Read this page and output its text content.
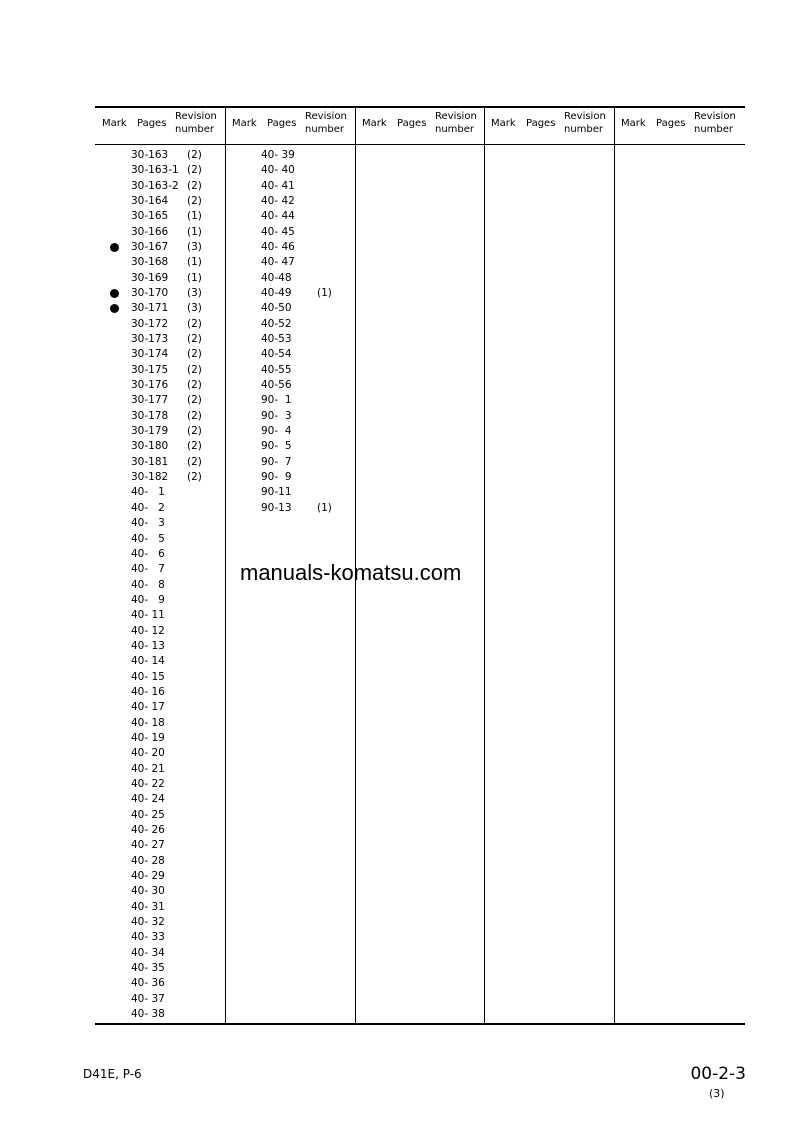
Mark Pages
Revision
number
Mark Pages
Revision
number
Mark Pages
Revision
number
Mark Pages
Revision
number
Mark Pages
Revision
number
30-163 (2)
30-163-1 (2)
30-163-2 (2)
30-164 (2)
30-165 (1)
30-166 (1)
30-167 (3)
30-168 (1)
30-169 (1)
30-170 (3)
30-171 (3)
30-172 (2)
30-173 (2)
30-174 (2)
30-175 (2)
30-176 (2)
30-177 (2)
30-178 (2)
30-179 (2)
30-180 (2)
30-181 (2)
30-182 (2)
40-   1
40-   2
40-   3
40-   5
40-   6
40-   7
40-   8
40-   9
40- 11
40- 12
40- 13
40- 14
40- 15
40- 16
40- 17
40- 18
40- 19
40- 20
40- 21
40- 22
40- 24
40- 25
40- 26
40- 27
40- 28
40- 29
40- 30
40- 31
40- 32
40- 33
40- 34
40- 35
40- 36
40- 37
40- 38
40- 39
40- 40
40- 41
40- 42
40- 44
40- 45
40- 46
40- 47
40-48
40-49 (1)
40-50
40-52
40-53
40-54
40-55
40-56
90-  1
90-  3
90-  4
90-  5
90-  7
90-  9
90-11
90-13 (1)
manuals-komatsu.com
D41E, P-6	00-2-3
(3)
